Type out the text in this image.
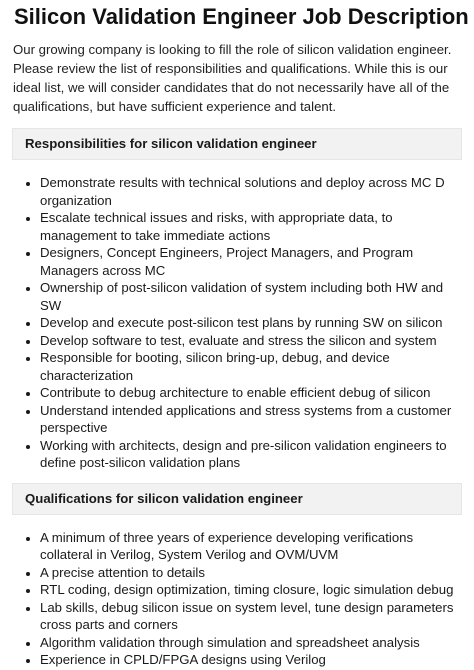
Silicon Validation Engineer Job Description

Our growing company is looking to fill the role of silicon validation engineer. Please review the list of responsibilities and qualifications. While this is our ideal list, we will consider candidates that do not necessarily have all of the qualifications, but have sufficient experience and talent.

Responsibilities for silicon validation engineer
• Demonstrate results with technical solutions and deploy across MC D organization
• Escalate technical issues and risks, with appropriate data, to management to take immediate actions
• Designers, Concept Engineers, Project Managers, and Program Managers across MC
• Ownership of post-silicon validation of system including both HW and SW
• Develop and execute post-silicon test plans by running SW on silicon
• Develop software to test, evaluate and stress the silicon and system
• Responsible for booting, silicon bring-up, debug, and device characterization
• Contribute to debug architecture to enable efficient debug of silicon
• Understand intended applications and stress systems from a customer perspective
• Working with architects, design and pre-silicon validation engineers to define post-silicon validation plans
Qualifications for silicon validation engineer
• A minimum of three years of experience developing verifications collateral in Verilog, System Verilog and OVM/UVM
• A precise attention to details
• RTL coding, design optimization, timing closure, logic simulation debug
• Lab skills, debug silicon issue on system level, tune design parameters cross parts and corners
• Algorithm validation through simulation and spreadsheet analysis
• Experience in CPLD/FPGA designs using Verilog
